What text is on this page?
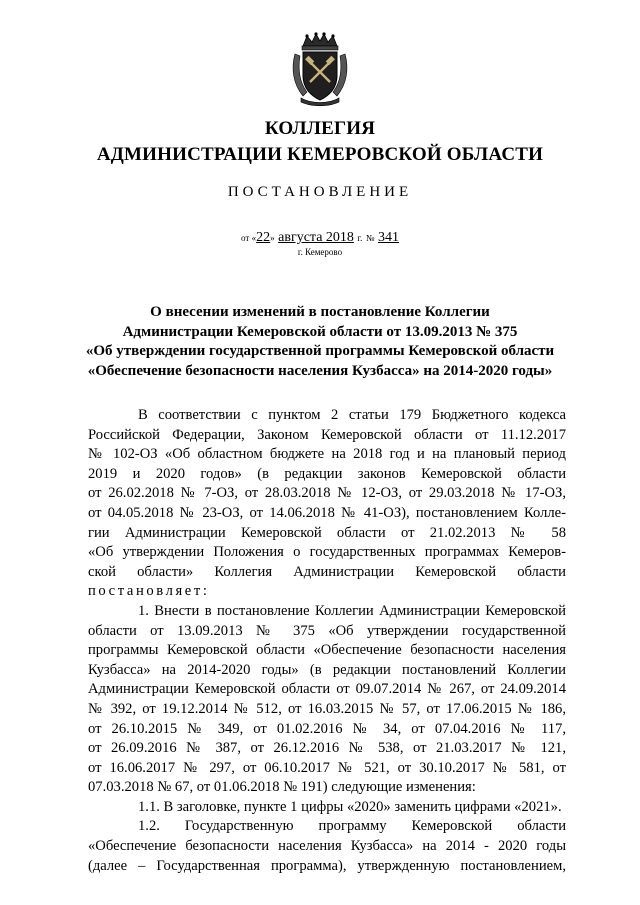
КОЛЛЕГИЯ
АДМИНИСТРАЦИИ КЕМЕРОВСКОЙ ОБЛАСТИ
ПОСТАНОВЛЕНИЕ
от «22» августа 2018 г. № 341
г. Кемерово
О внесении изменений в постановление Коллегии
Администрации Кемеровской области от 13.09.2013 № 375
«Об утверждении государственной программы Кемеровской области
«Обеспечение безопасности населения Кузбасса» на 2014-2020 годы»

В соответствии с пунктом 2 статьи 179 Бюджетного кодекса

Российской Федерации, Законом Кемеровской области от 11.12.2017

№ 102-ОЗ «Об областном бюджете на 2018 год и на плановый период

2019 и 2020 годов» (в редакции законов Кемеровской области

от 26.02.2018 № 7-ОЗ, от 28.03.2018 № 12-ОЗ, от 29.03.2018 № 17-ОЗ,

от 04.05.2018 № 23-ОЗ, от 14.06.2018 № 41-ОЗ), постановлением Колле-

гии Администрации Кемеровской области от 21.02.2013 № 58

«Об утверждении Положения о государственных программах Кемеров-

ской области» Коллегия Администрации Кемеровской области

постановляет:

1. Внести в постановление Коллегии Администрации Кемеровской

области от 13.09.2013 № 375 «Об утверждении государственной

программы Кемеровской области «Обеспечение безопасности населения

Кузбасса» на 2014-2020 годы» (в редакции постановлений Коллегии

Администрации Кемеровской области от 09.07.2014 № 267, от 24.09.2014

№ 392, от 19.12.2014 № 512, от 16.03.2015 № 57, от 17.06.2015 № 186,

от 26.10.2015 № 349, от 01.02.2016 № 34, от 07.04.2016 № 117,

от 26.09.2016 № 387, от 26.12.2016 № 538, от 21.03.2017 № 121,

от 16.06.2017 № 297, от 06.10.2017 № 521, от 30.10.2017 № 581, от

07.03.2018 № 67, от 01.06.2018 № 191) следующие изменения:

1.1. В заголовке, пункте 1 цифры «2020» заменить цифрами «2021».

1.2. Государственную программу Кемеровской области

«Обеспечение безопасности населения Кузбасса» на 2014 - 2020 годы

(далее – Государственная программа), утвержденную постановлением,
